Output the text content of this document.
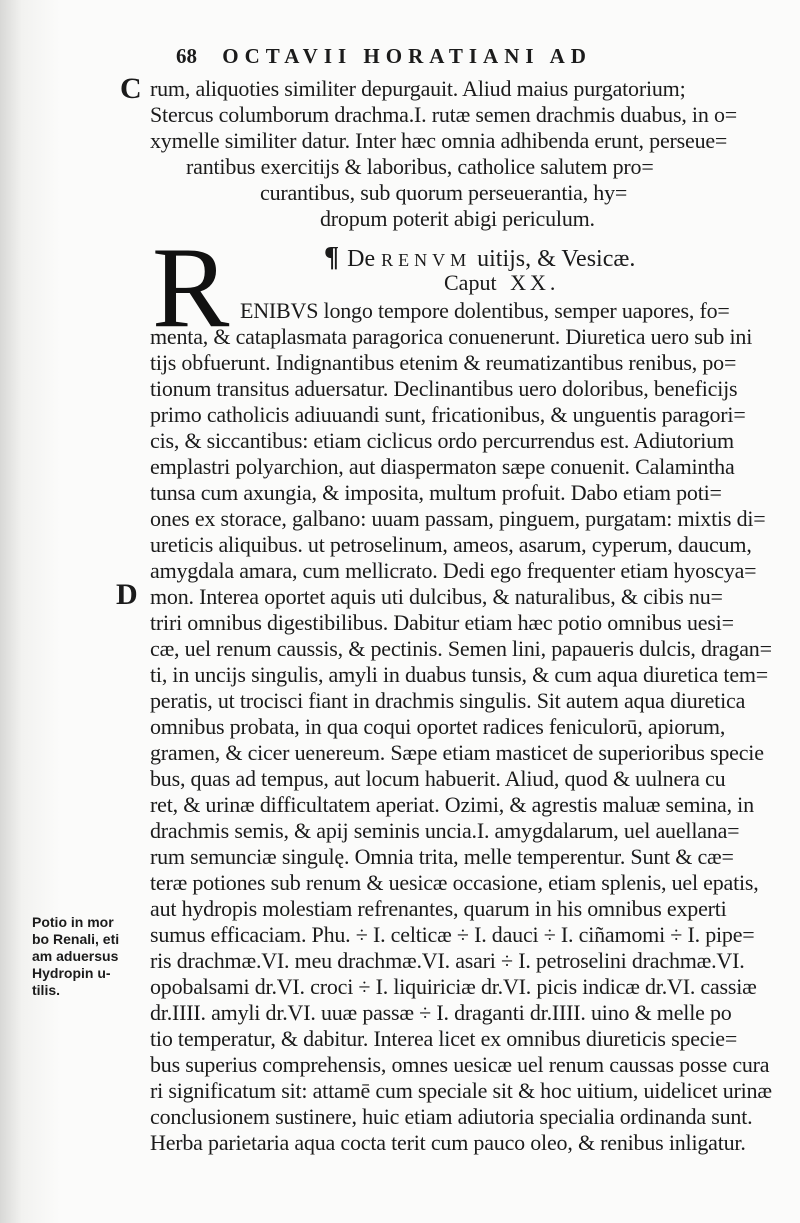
68 OCTAVII HORATIANI AD
C rum, aliquoties similiter depurgauit. Aliud maius purgatorium;
Stercus columborum drachma.I. rutæ semen drachmis duabus, in o=
xymelle similiter datur. Inter hæc omnia adhibenda erunt, perseue=
rantibus exercitijs & laboribus, catholice salutem pro=
curantibus, sub quorum perseuerantia, hy=
dropum poterit abigi periculum.
R	¶ De RENVM uitijs, & Vesicæ.
Caput XX.
ENIBVS longo tempore dolentibus, semper uapores, fo=
menta, & cataplasmata paragorica conuenerunt. Diuretica uero sub ini
tijs obfuerunt. Indignantibus etenim & reumatizantibus renibus, po=
tionum transitus aduersatur. Declinantibus uero doloribus, beneficijs
primo catholicis adiuuandi sunt, fricationibus, & unguentis paragori=
cis, & siccantibus: etiam ciclicus ordo percurrendus est. Adiutorium
emplastri polyarchion, aut diaspermaton sæpe conuenit. Calamintha
tunsa cum axungia, & imposita, multum profuit. Dabo etiam poti=
ones ex storace, galbano: uuam passam, pinguem, purgatam: mixtis di=
ureticis aliquibus. ut petroselinum, ameos, asarum, cyperum, daucum,
amygdala amara, cum mellicrato. Dedi ego frequenter etiam hyoscya=
D mon. Interea oportet aquis uti dulcibus, & naturalibus, & cibis nu=
triri omnibus digestibilibus. Dabitur etiam hæc potio omnibus uesi=
cæ, uel renum caussis, & pectinis. Semen lini, papaueris dulcis, dragan=
ti, in uncijs singulis, amyli in duabus tunsis, & cum aqua diuretica tem=
peratis, ut trocisci fiant in drachmis singulis. Sit autem aqua diuretica
omnibus probata, in qua coqui oportet radices feniculorū, apiorum,
gramen, & cicer uenereum. Sæpe etiam masticet de superioribus specie
bus, quas ad tempus, aut locum habuerit. Aliud, quod & uulnera cu
ret, & urinæ difficultatem aperiat. Ozimi, & agrestis maluæ semina, in
drachmis semis, & apij seminis uncia.I. amygdalarum, uel auellana=
rum semunciæ singulę. Omnia trita, melle temperentur. Sunt & cæ=
teræ potiones sub renum & uesicæ occasione, etiam splenis, uel epatis,
aut hydropis molestiam refrenantes, quarum in his omnibus experti
sumus efficaciam. Phu. ÷ I. celticæ ÷ I. dauci ÷ I. ciñamomi ÷ I. pipe=
ris drachmæ.VI. meu drachmæ.VI. asari ÷ I. petroselini drachmæ.VI.
opobalsami dr.VI. croci ÷ I. liquiriciæ dr.VI. picis indicæ dr.VI. cassiæ
dr.IIII. amyli dr.VI. uuæ passæ ÷ I. draganti dr.IIII. uino & melle po
tio temperatur, & dabitur. Interea licet ex omnibus diureticis specie=
bus superius comprehensis, omnes uesicæ uel renum caussas posse cura
ri significatum sit: attamē cum speciale sit & hoc uitium, uidelicet urinæ
conclusionem sustinere, huic etiam adiutoria specialia ordinanda sunt.
Herba parietaria aqua cocta terit cum pauco oleo, & renibus inligatur.
Potio in mor
bo Renali, eti
am aduersus
Hydropin u-
tilis.
